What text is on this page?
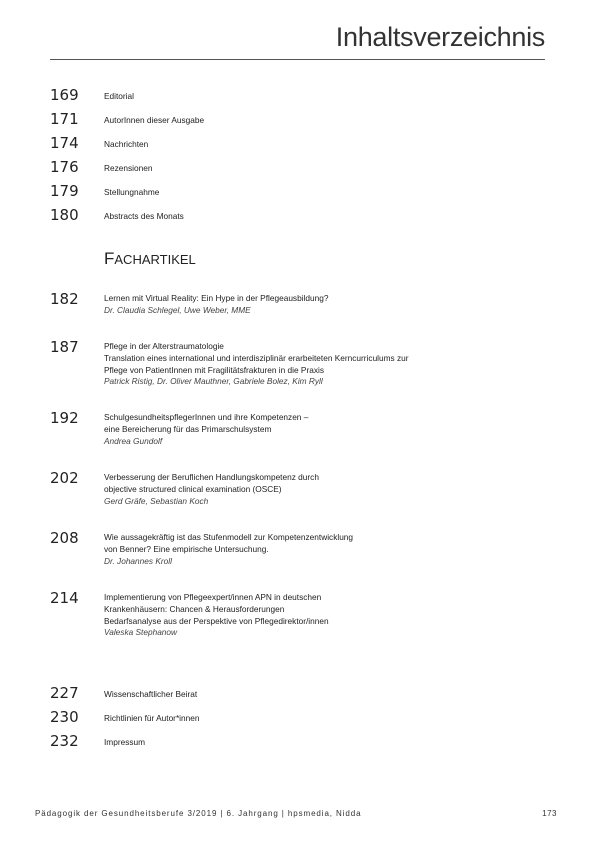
Inhaltsverzeichnis
169	Editorial
171	AutorInnen dieser Ausgabe
174	Nachrichten
176	Rezensionen
179	Stellungnahme
180	Abstracts des Monats
FACHARTIKEL
182	Lernen mit Virtual Reality: Ein Hype in der Pflegeausbildung?
Dr. Claudia Schlegel, Uwe Weber, MME
187	Pflege in der Alterstraumatologie
Translation eines international und interdisziplinär erarbeiteten Kerncurriculums zur
Pflege von PatientInnen mit Fragilitätsfrakturen in die Praxis
Patrick Ristig, Dr. Oliver Mauthner, Gabriele Bolez, Kim Ryll
192	SchulgesundheitspflegerInnen und ihre Kompetenzen –
eine Bereicherung für das Primarschulsystem
Andrea Gundolf
202	Verbesserung der Beruflichen Handlungskompetenz durch
objective structured clinical examination (OSCE)
Gerd Gräfe, Sebastian Koch
208	Wie aussagekräftig ist das Stufenmodell zur Kompetenzentwicklung
von Benner? Eine empirische Untersuchung.
Dr. Johannes Kroll
214	Implementierung von Pflegeexpert/innen APN in deutschen
Krankenhäusern: Chancen & Herausforderungen
Bedarfsanalyse aus der Perspektive von Pflegedirektor/innen
Valeska Stephanow
227	Wissenschaftlicher Beirat
230	Richtlinien für Autor*innen
232	Impressum
Pädagogik der Gesundheitsberufe 3/2019 | 6. Jahrgang | hpsmedia, Nidda	173
